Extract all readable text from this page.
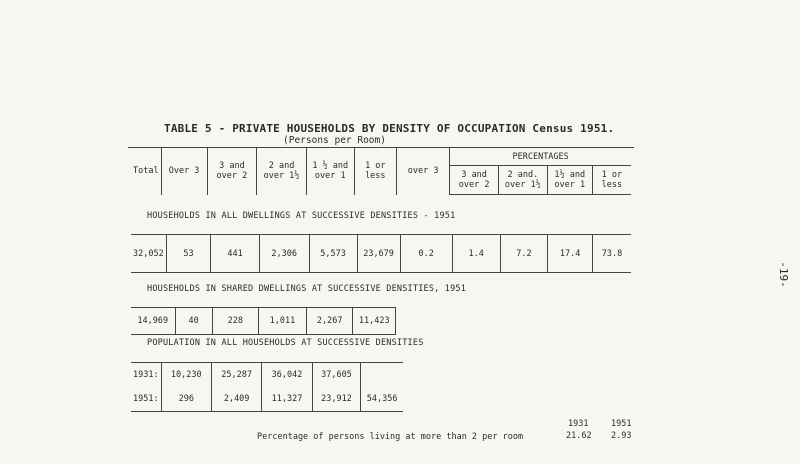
TABLE 5 - PRIVATE HOUSEHOLDS BY DENSITY OF OCCUPATION Census 1951.
(Persons per Room)
-19-
Total	Over 3	3 and over 2	2 and over 1½	1 ½ and over 1	1 or less	over 3	PERCENTAGES			
							3 and over 2	2 and. over 1½	1½ and over 1	1 or less
HOUSEHOLDS IN ALL DWELLINGS AT SUCCESSIVE DENSITIES - 1951
32,052	53	441	2,306	5,573	23,679	0.2	1.4	7.2	17.4	73.8
HOUSEHOLDS IN SHARED DWELLINGS AT SUCCESSIVE DENSITIES, 1951
14,969	40	228	1,011	2,267	11,423
POPULATION IN ALL HOUSEHOLDS AT SUCCESSIVE DENSITIES
1931:	10,230	25,287	36,042	37,605	
1951:	296	2,409	11,327	23,912	54,356
1931	1951
Percentage of persons living at more than 2 per room	21.62 2.93
